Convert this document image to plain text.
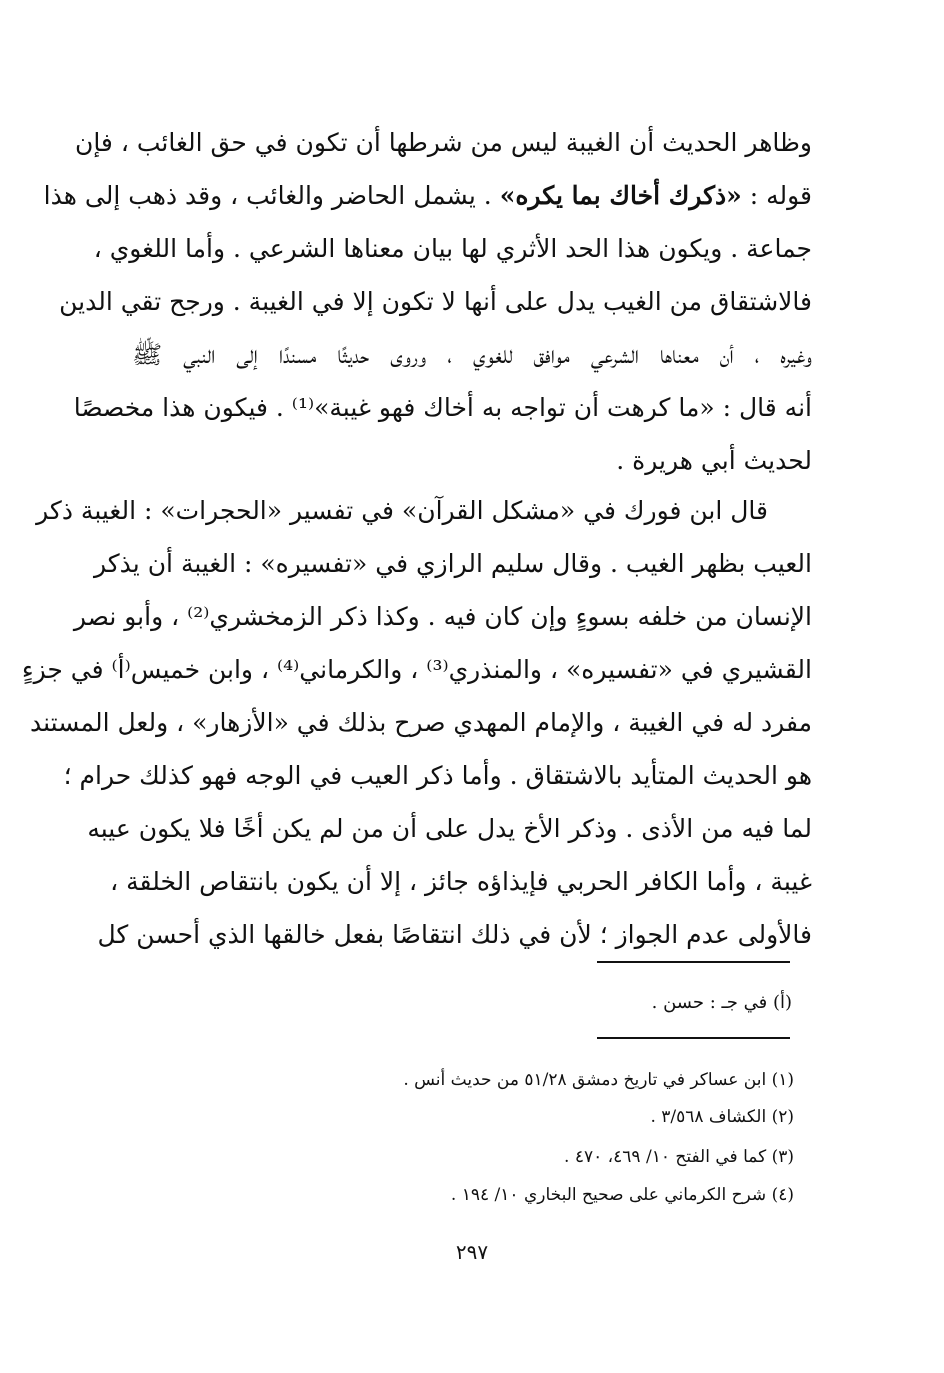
وظاهر الحديث أن الغيبة ليس من شرطها أن تكون في حق الغائب ، فإن
قوله : «ذكرك أخاك بما يكره» . يشمل الحاضر والغائب ، وقد ذهب إلى هذا
جماعة . ويكون هذا الحد الأثري لها بيان معناها الشرعي . وأما اللغوي ،
فالاشتقاق من الغيب يدل على أنها لا تكون إلا في الغيبة . ورجح تقي الدين
وغيره ، أن معناها الشرعي موافق للغوي ، وروى حديثًا مسندًا إلى النبي ﷺ
أنه قال : «ما كرهت أن تواجه به أخاك فهو غيبة»⁽¹⁾ . فيكون هذا مخصصًا
لحديث أبي هريرة .
قال ابن فورك في «مشكل القرآن» في تفسير «الحجرات» : الغيبة ذكر
العيب بظهر الغيب . وقال سليم الرازي في «تفسيره» : الغيبة أن يذكر
الإنسان من خلفه بسوءٍ وإن كان فيه . وكذا ذكر الزمخشري⁽²⁾ ، وأبو نصر
القشيري في «تفسيره» ، والمنذري⁽³⁾ ، والكرماني⁽⁴⁾ ، وابن خميس⁽أ⁾ في جزءٍ
مفرد له في الغيبة ، والإمام المهدي صرح بذلك في «الأزهار» ، ولعل المستند
هو الحديث المتأيد بالاشتقاق . وأما ذكر العيب في الوجه فهو كذلك حرام ؛
لما فيه من الأذى . وذكر الأخ يدل على أن من لم يكن أخًا فلا يكون عيبه
غيبة ، وأما الكافر الحربي فإيذاؤه جائز ، إلا أن يكون بانتقاص الخلقة ،
فالأولى عدم الجواز ؛ لأن في ذلك انتقاصًا بفعل خالقها الذي أحسن كل
(أ) في جـ : حسن .
(١) ابن عساكر في تاريخ دمشق ٥١/٢٨ من حديث أنس .
(٢) الكشاف ٣/٥٦٨ .
(٣) كما في الفتح ١٠/ ٤٦٩، ٤٧٠ .
(٤) شرح الكرماني على صحيح البخاري ١٠/ ١٩٤ .
٢٩٧
